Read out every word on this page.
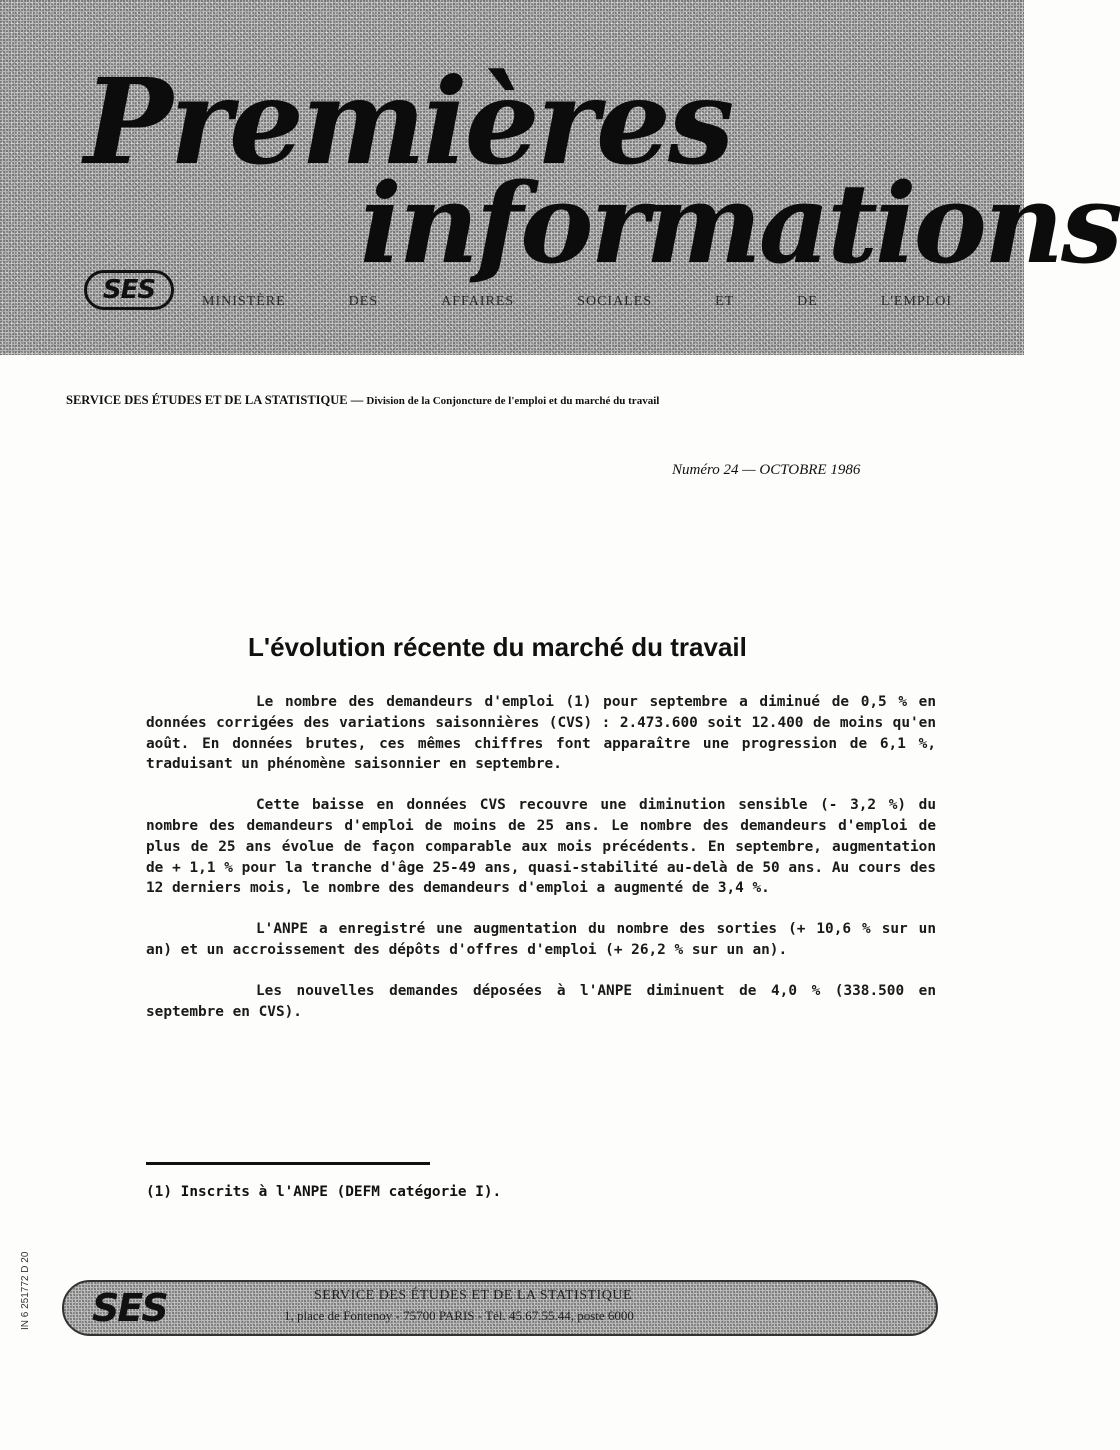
Premières
informations
SES	MINISTÈRE	DES	AFFAIRES	SOCIALES	ET	DE	L'EMPLOI
SERVICE DES ÉTUDES ET DE LA STATISTIQUE — Division de la Conjoncture de l'emploi et du marché du travail
Numéro 24 — OCTOBRE 1986
L'évolution récente du marché du travail

Le nombre des demandeurs d'emploi (1) pour septembre a diminué de 0,5 % en données corrigées des variations saisonnières (CVS) : 2.473.600 soit 12.400 de moins qu'en août. En données brutes, ces mêmes chiffres font apparaître une progression de 6,1 %, traduisant un phénomène saisonnier en septembre.

Cette baisse en données CVS recouvre une diminution sensible (- 3,2 %) du nombre des demandeurs d'emploi de moins de 25 ans. Le nombre des demandeurs d'emploi de plus de 25 ans évolue de façon comparable aux mois précédents. En septembre, augmentation de + 1,1 % pour la tranche d'âge 25-49 ans, quasi-stabilité au-delà de 50 ans. Au cours des 12 derniers mois, le nombre des demandeurs d'emploi a augmenté de 3,4 %.

L'ANPE a enregistré une augmentation du nombre des sorties (+ 10,6 % sur un an) et un accroissement des dépôts d'offres d'emploi (+ 26,2 % sur un an).

Les nouvelles demandes déposées à l'ANPE diminuent de 4,0 % (338.500 en septembre en CVS).

(1) Inscrits à l'ANPE (DEFM catégorie I).
IN 6 251772 D 20 SES	SERVICE DES ÉTUDES ET DE LA STATISTIQUE
1, place de Fontenoy - 75700 PARIS - Tél. 45.67.55.44, poste 6000
